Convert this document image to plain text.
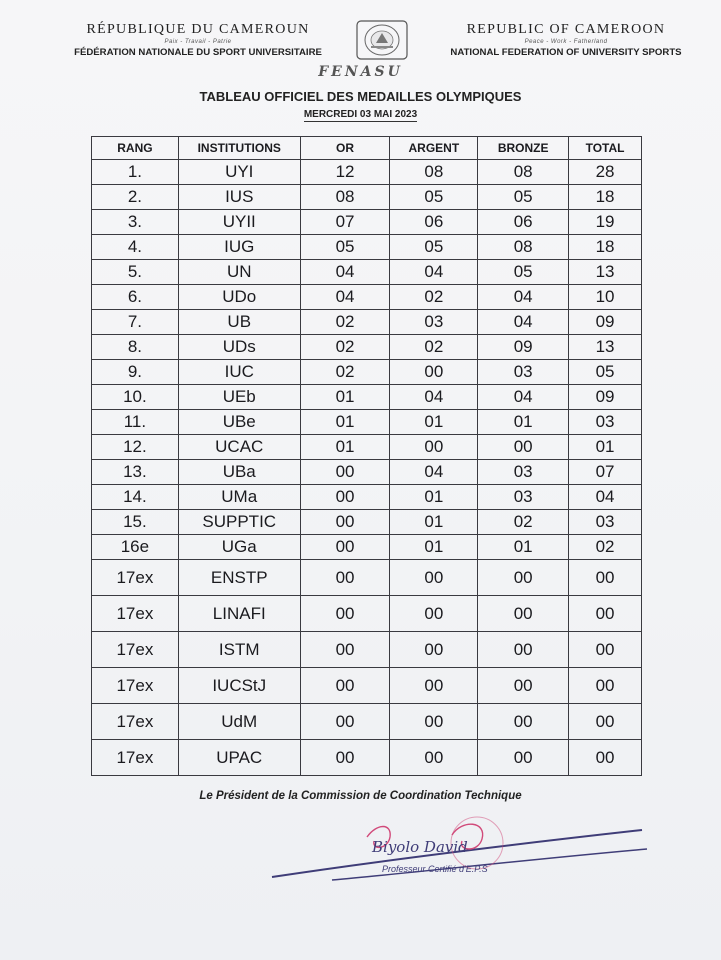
RÉPUBLIQUE DU CAMEROUN
Paix - Travail - Patrie
FÉDÉRATION NATIONALE DU SPORT UNIVERSITAIRE
REPUBLIC OF CAMEROON
Peace - Work - Fatherland
NATIONAL FEDERATION OF UNIVERSITY SPORTS
FENASU
TABLEAU OFFICIEL DES MEDAILLES OLYMPIQUES
MERCREDI 03 MAI 2023
RANG	INSTITUTIONS	OR	ARGENT	BRONZE	TOTAL
1.	UYI	12	08	08	28
2.	IUS	08	05	05	18
3.	UYII	07	06	06	19
4.	IUG	05	05	08	18
5.	UN	04	04	05	13
6.	UDo	04	02	04	10
7.	UB	02	03	04	09
8.	UDs	02	02	09	13
9.	IUC	02	00	03	05
10.	UEb	01	04	04	09
11.	UBe	01	01	01	03
12.	UCAC	01	00	00	01
13.	UBa	00	04	03	07
14.	UMa	00	01	03	04
15.	SUPPTIC	00	01	02	03
16e	UGa	00	01	01	02
17ex	ENSTP	00	00	00	00
17ex	LINAFI	00	00	00	00
17ex	ISTM	00	00	00	00
17ex	IUCStJ	00	00	00	00
17ex	UdM	00	00	00	00
17ex	UPAC	00	00	00	00
Le Président de la Commission de Coordination Technique
Biyolo David
Professeur Certifié d'E.P.S
